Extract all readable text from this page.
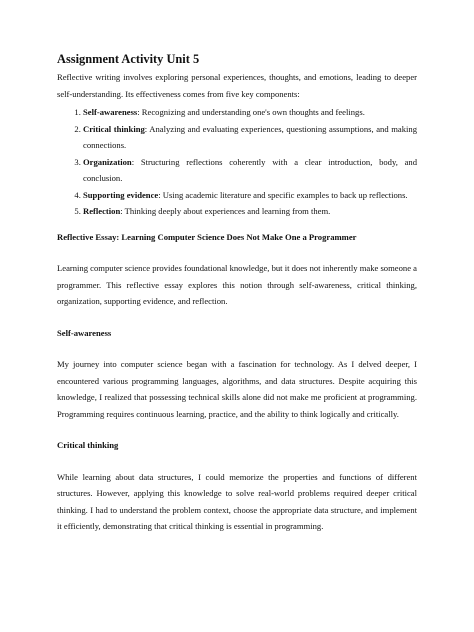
Assignment Activity Unit 5

Reflective writing involves exploring personal experiences, thoughts, and emotions, leading to deeper self-understanding. Its effectiveness comes from five key components:

1. Self-awareness: Recognizing and understanding one's own thoughts and feelings.
2. Critical thinking: Analyzing and evaluating experiences, questioning assumptions, and making connections.
3. Organization: Structuring reflections coherently with a clear introduction, body, and conclusion.
4. Supporting evidence: Using academic literature and specific examples to back up reflections.
5. Reflection: Thinking deeply about experiences and learning from them.
Reflective Essay: Learning Computer Science Does Not Make One a Programmer

Learning computer science provides foundational knowledge, but it does not inherently make someone a programmer. This reflective essay explores this notion through self-awareness, critical thinking, organization, supporting evidence, and reflection.

Self-awareness

My journey into computer science began with a fascination for technology. As I delved deeper, I encountered various programming languages, algorithms, and data structures. Despite acquiring this knowledge, I realized that possessing technical skills alone did not make me proficient at programming. Programming requires continuous learning, practice, and the ability to think logically and critically.

Critical thinking

While learning about data structures, I could memorize the properties and functions of different structures. However, applying this knowledge to solve real-world problems required deeper critical thinking. I had to understand the problem context, choose the appropriate data structure, and implement it efficiently, demonstrating that critical thinking is essential in programming.
